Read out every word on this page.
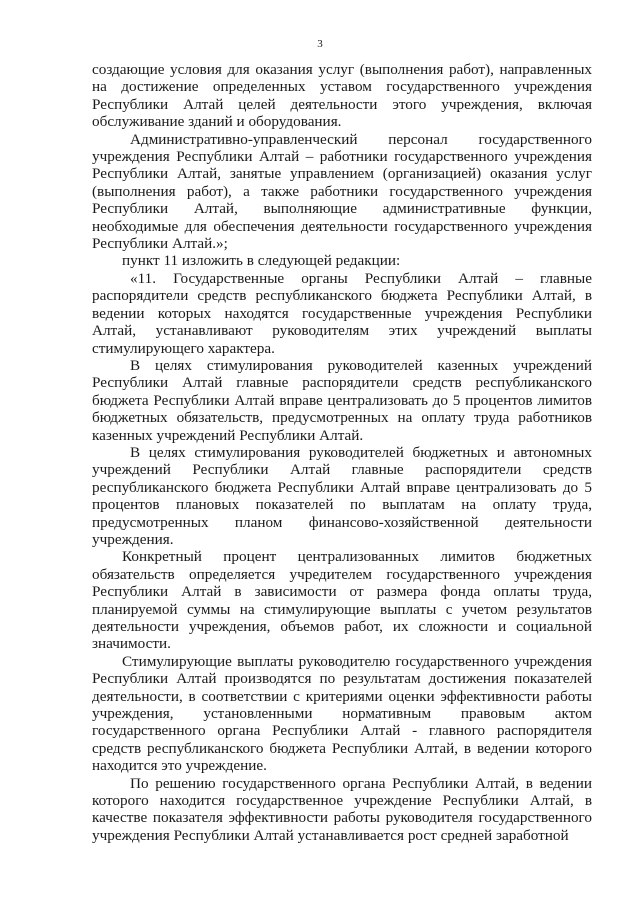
3

создающие условия для оказания услуг (выполнения работ), направленных на достижение определенных уставом государственного учреждения Республики Алтай целей деятельности этого учреждения, включая обслуживание зданий и оборудования.

Административно-управленческий персонал государственного учреждения Республики Алтай – работники государственного учреждения Республики Алтай, занятые управлением (организацией) оказания услуг (выполнения работ), а также работники государственного учреждения Республики Алтай, выполняющие административные функции, необходимые для обеспечения деятельности государственного учреждения Республики Алтай.»;

пункт 11 изложить в следующей редакции:

«11. Государственные органы Республики Алтай – главные распорядители средств республиканского бюджета Республики Алтай, в ведении которых находятся государственные учреждения Республики Алтай, устанавливают руководителям этих учреждений выплаты стимулирующего характера.

В целях стимулирования руководителей казенных учреждений Республики Алтай главные распорядители средств республиканского бюджета Республики Алтай вправе централизовать до 5 процентов лимитов бюджетных обязательств, предусмотренных на оплату труда работников казенных учреждений Республики Алтай.

В целях стимулирования руководителей бюджетных и автономных учреждений Республики Алтай главные распорядители средств республиканского бюджета Республики Алтай вправе централизовать до 5 процентов плановых показателей по выплатам на оплату труда, предусмотренных планом финансово-хозяйственной деятельности учреждения.

Конкретный процент централизованных лимитов бюджетных обязательств определяется учредителем государственного учреждения Республики Алтай в зависимости от размера фонда оплаты труда, планируемой суммы на стимулирующие выплаты с учетом результатов деятельности учреждения, объемов работ, их сложности и социальной значимости.

Стимулирующие выплаты руководителю государственного учреждения Республики Алтай производятся по результатам достижения показателей деятельности, в соответствии с критериями оценки эффективности работы учреждения, установленными нормативным правовым актом государственного органа Республики Алтай - главного распорядителя средств республиканского бюджета Республики Алтай, в ведении которого находится это учреждение.

По решению государственного органа Республики Алтай, в ведении которого находится государственное учреждение Республики Алтай, в качестве показателя эффективности работы руководителя государственного учреждения Республики Алтай устанавливается рост средней заработной
